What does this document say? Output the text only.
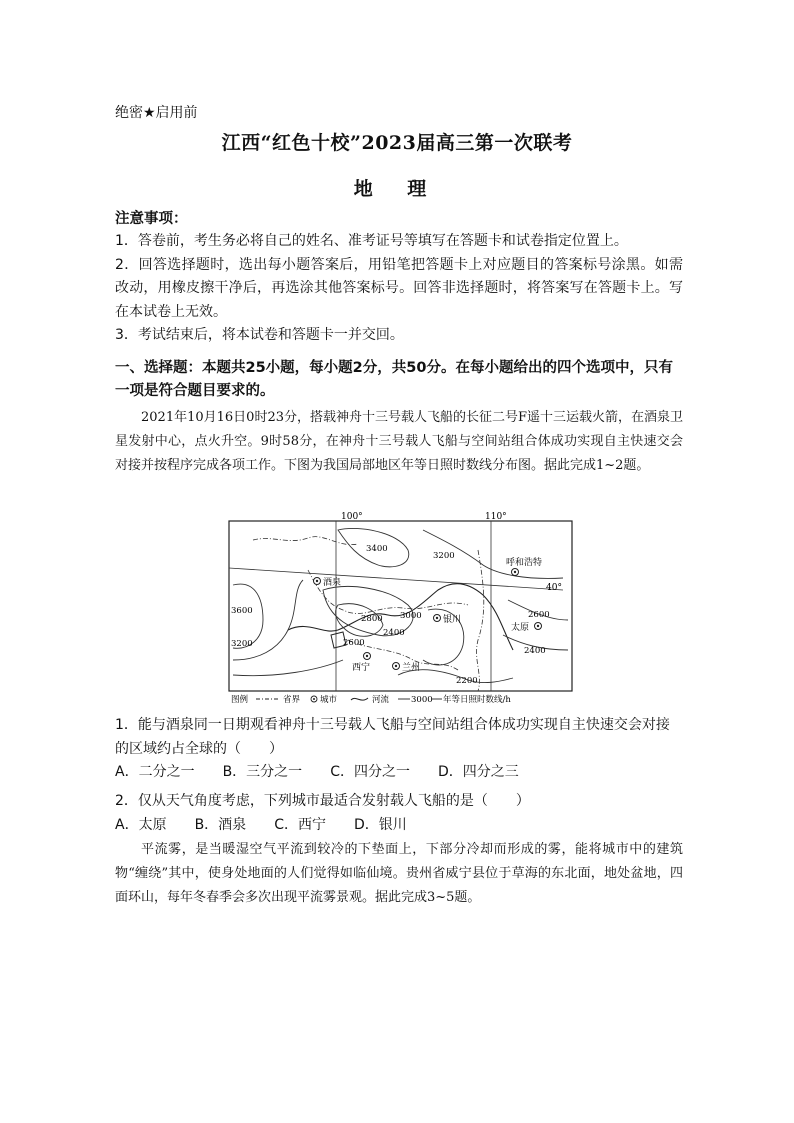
绝密★启用前
江西“红色十校”2023届高三第一次联考
地 理
注意事项：

1．答卷前，考生务必将自己的姓名、准考证号等填写在答题卡和试卷指定位置上。

2．回答选择题时，选出每小题答案后，用铅笔把答题卡上对应题目的答案标号涂黑。如需改动，用橡皮擦干净后，再选涂其他答案标号。回答非选择题时，将答案写在答题卡上。写在本试卷上无效。

3．考试结束后，将本试卷和答题卡一并交回。

一、选择题：本题共25小题，每小题2分，共50分。在每小题给出的四个选项中，只有一项是符合题目要求的。
2021年10月16日0时23分，搭载神舟十三号载人飞船的长征二号F遥十三运载火箭，在酒泉卫星发射中心，点火升空。9时58分，在神舟十三号载人飞船与空间站组合体成功实现自主快速交会对接并按程序完成各项工作。下图为我国局部地区年等日照时数线分布图。据此完成1~2题。
100°	110°
40°
酒泉
银川
呼和浩特
太原
西宁	兰州
3400
3200
3600
3200
2800 3000
2600
2400
2400
2600
2200
图例	省界 城市	河流	3000 年等日照时数线/h
1．能与酒泉同一日期观看神舟十三号载人飞船与空间站组合体成功实现自主快速交会对接的区域约占全球的（　　）
A．二分之一 B．三分之一 C．四分之一 D．四分之三
2．仅从天气角度考虑，下列城市最适合发射载人飞船的是（　　）
A．太原 B．酒泉 C．西宁 D．银川
平流雾，是当暖湿空气平流到较冷的下垫面上，下部分冷却而形成的雾，能将城市中的建筑物“缠绕”其中，使身处地面的人们觉得如临仙境。贵州省威宁县位于草海的东北面，地处盆地，四面环山，每年冬春季会多次出现平流雾景观。据此完成3~5题。
